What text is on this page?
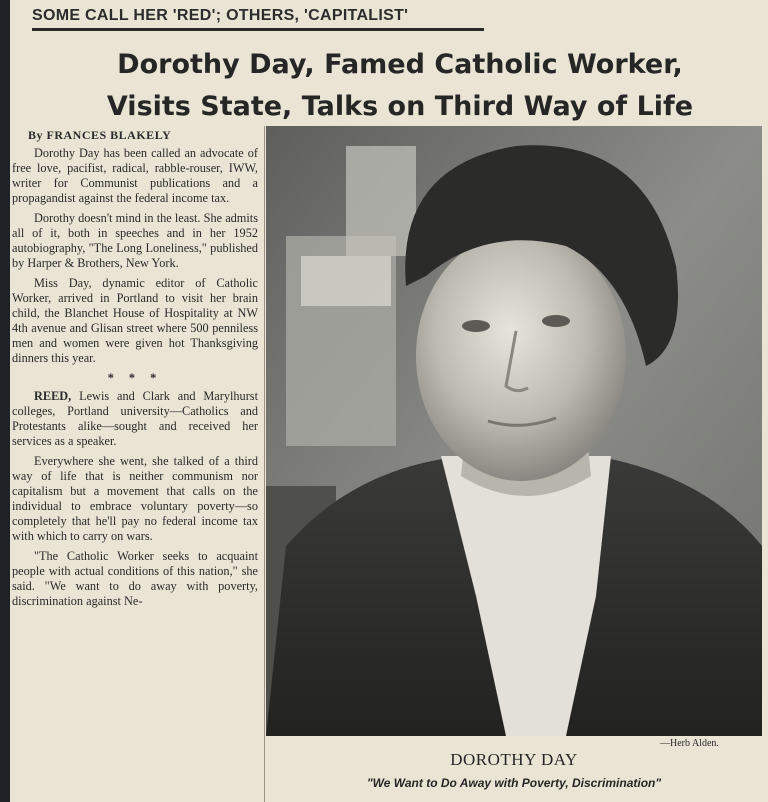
SOME CALL HER 'RED'; OTHERS, 'CAPITALIST'
Dorothy Day, Famed Catholic Worker,
Visits State, Talks on Third Way of Life
By FRANCES BLAKELY

Dorothy Day has been called an advocate of free love, pacifist, radical, rabble-rouser, IWW, writer for Communist publications and a propagandist against the federal income tax.

Dorothy doesn't mind in the least. She admits all of it, both in speeches and in her 1952 autobiography, "The Long Loneliness," published by Harper & Brothers, New York.

Miss Day, dynamic editor of Catholic Worker, arrived in Portland to visit her brain child, the Blanchet House of Hospitality at NW 4th avenue and Glisan street where 500 penniless men and women were given hot Thanksgiving dinners this year.

* * *

REED, Lewis and Clark and Marylhurst colleges, Portland university—Catholics and Protestants alike—sought and received her services as a speaker.

Everywhere she went, she talked of a third way of life that is neither communism nor capitalism but a movement that calls on the individual to embrace voluntary poverty—so completely that he'll pay no federal income tax with which to carry on wars.

"The Catholic Worker seeks to acquaint people with actual conditions of this nation," she said. "We want to do away with poverty, discrimination against Ne-

—Herb Alden.
DOROTHY DAY
"We Want to Do Away with Poverty, Discrimination"
